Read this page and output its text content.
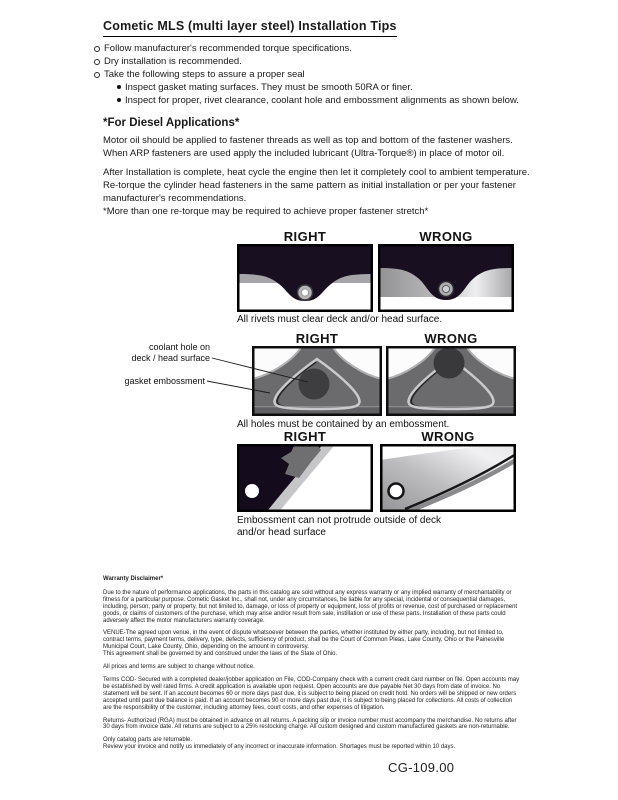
Cometic MLS (multi layer steel) Installation Tips
Follow manufacturer's recommended torque specifications.
Dry installation is recommended.
Take the following steps to assure a proper seal
Inspect gasket mating surfaces. They must be smooth 50RA or finer.
Inspect for proper, rivet clearance, coolant hole and embossment alignments as shown below.
*For Diesel Applications*

Motor oil should be applied to fastener threads as well as top and bottom of the fastener washers. When ARP fasteners are used apply the included lubricant (Ultra-Torque®) in place of motor oil.

After Installation is complete, heat cycle the engine then let it completely cool to ambient temperature. Re-torque the cylinder head fasteners in the same pattern as initial installation or per your fastener manufacturer's recommendations.

*More than one re-torque may be required to achieve proper fastener stretch*

RIGHT	WRONG
All rivets must clear deck and/or head surface.
RIGHT	WRONG
coolant hole on
deck / head surface
gasket embossment
All holes must be contained by an embossment.
RIGHT	WRONG
Embossment can not protrude outside of deck
and/or head surface
Warranty Disclaimer*
Due to the nature of performance applications, the parts in this catalog are sold without any express warranty or any implied warranty of merchantability or fitness for a particular purpose. Cometic Gasket Inc., shall not, under any circumstances, be liable for any special, incidental or consequential damages, including, person, party or property, but not limited to, damage, or loss of property or equipment, loss of profits or revenue, cost of purchased or replacement goods, or claims of customers of the purchase, which may arise and/or result from sale, instillation or use of these parts. Installation of these parts could adversely affect the motor manufacturers warranty coverage.
VENUE-The agreed upon venue, in the event of dispute whatsoever between the parties, whether instituted by either party, including, but not limited to, contract terms, payment terms, delivery, type, defects, sufficiency of product, shall be the Court of Common Pleas, Lake County, Ohio or the Painesville Municipal Court, Lake County, Ohio, depending on the amount in controversy.
This agreement shall be governed by and construed under the laws of the State of Ohio.
All prices and terms are subject to change without notice.
Terms COD- Secured with a completed dealer/jobber application on File, COD-Company check with a current credit card number on file. Open accounts may be established by well rated firms. A credit application is available upon request. Open accounts are due payable Net 30 days from date of invoice. No statement will be sent. If an account becomes 60 or more days past due, it is subject to being placed on credit hold. No orders will be shipped or new orders accepted until past due balance is paid. If an account becomes 90 or more days past due, it is subject to being placed for collections. All costs of collection are the responsibility of the customer, including attorney fees, court costs, and other expenses of litigation.
Returns- Authorized (RGA) must be obtained in advance on all returns. A packing slip or invoice number must accompany the merchandise. No returns after 30 days from invoice date. All returns are subject to a 25% restocking charge. All custom designed and custom manufactured gaskets are non-returnable.
Only catalog parts are returnable.
Review your invoice and notify us immediately of any incorrect or inaccurate information. Shortages must be reported within 10 days.
CG-109.00
